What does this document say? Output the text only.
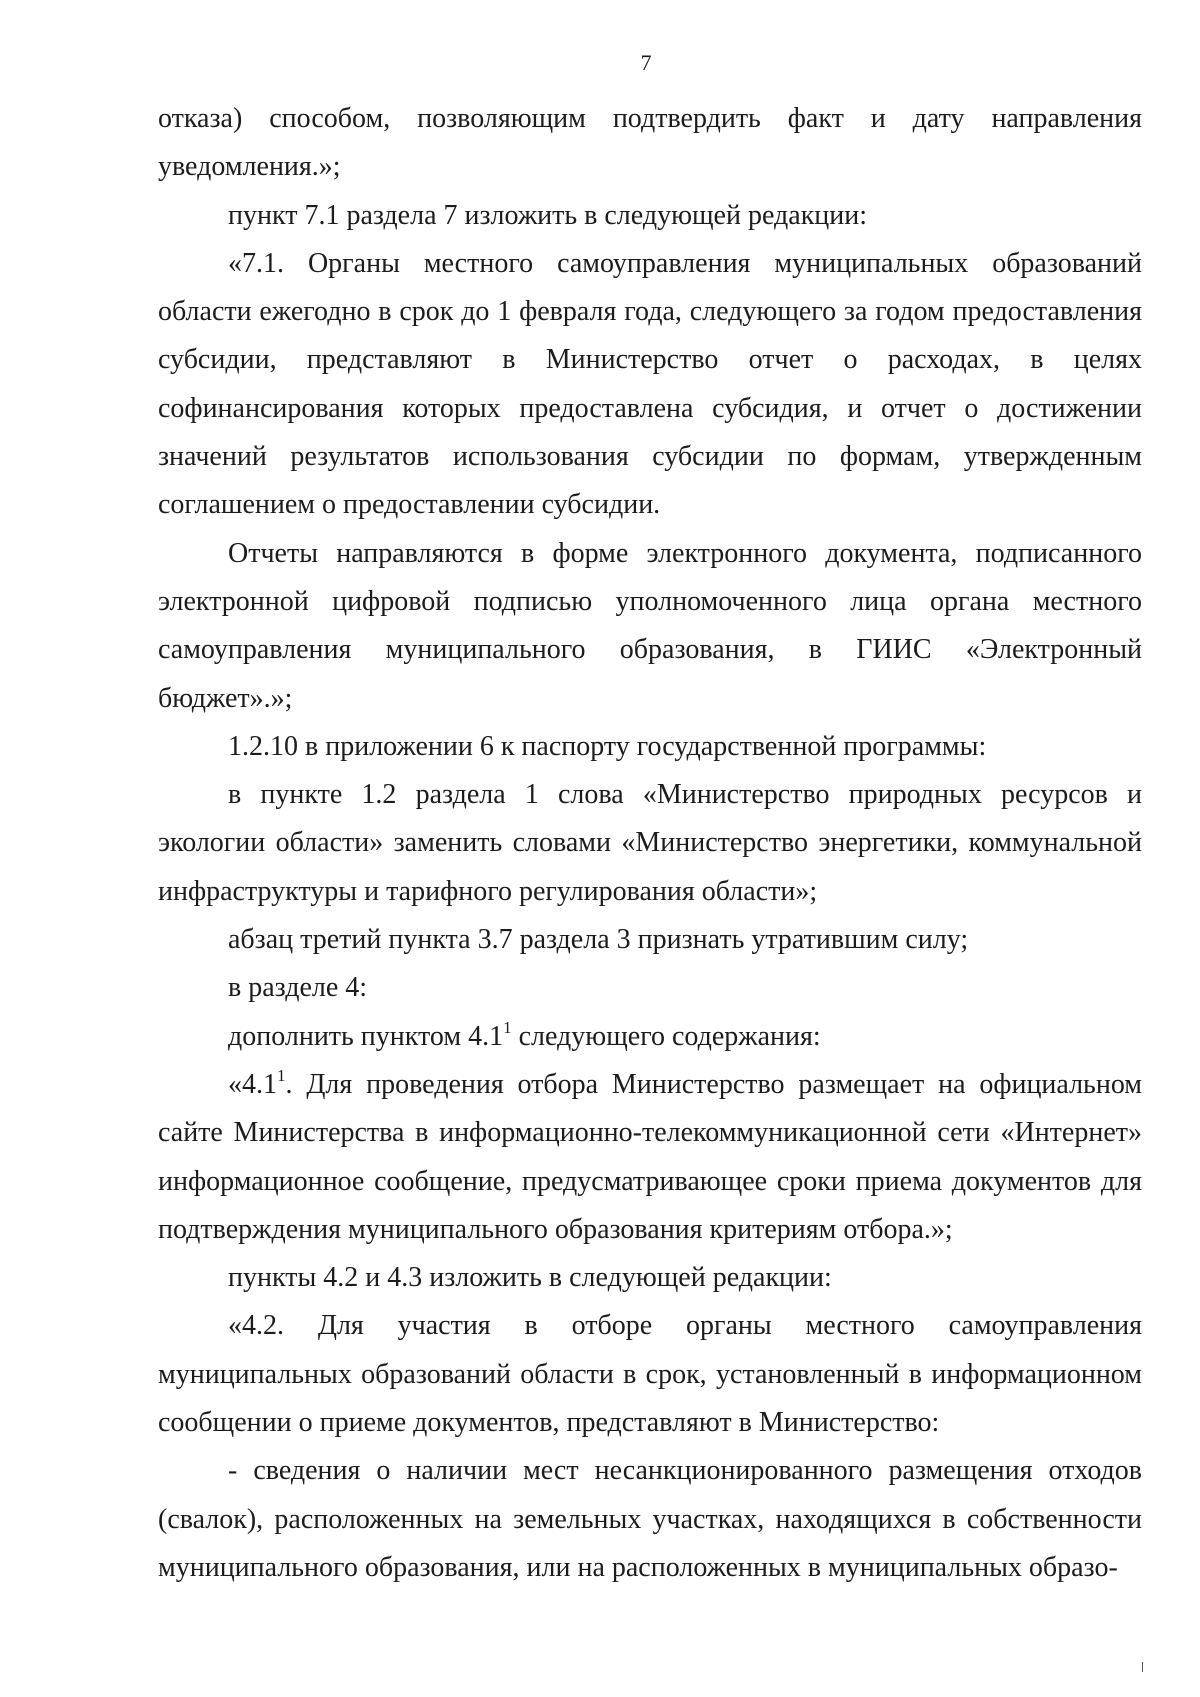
7

отказа) способом, позволяющим подтвердить факт и дату направления уведомления.»;

пункт 7.1 раздела 7 изложить в следующей редакции:

«7.1. Органы местного самоуправления муниципальных образований области ежегодно в срок до 1 февраля года, следующего за годом предоставления субсидии, представляют в Министерство отчет о расходах, в целях софинансирования которых предоставлена субсидия, и отчет о достижении значений результатов использования субсидии по формам, утвержденным соглашением о предоставлении субсидии.

Отчеты направляются в форме электронного документа, подписанного электронной цифровой подписью уполномоченного лица органа местного самоуправления муниципального образования, в ГИИС «Электронный бюджет».»;

1.2.10 в приложении 6 к паспорту государственной программы:

в пункте 1.2 раздела 1 слова «Министерство природных ресурсов и экологии области» заменить словами «Министерство энергетики, коммунальной инфраструктуры и тарифного регулирования области»;

абзац третий пункта 3.7 раздела 3 признать утратившим силу;

в разделе 4:

дополнить пунктом $4.1^1$ следующего содержания:

«$4.1^1$. Для проведения отбора Министерство размещает на официальном сайте Министерства в информационно-телекоммуникационной сети «Интернет» информационное сообщение, предусматривающее сроки приема документов для подтверждения муниципального образования критериям отбора.»;

пункты 4.2 и 4.3 изложить в следующей редакции:

«4.2. Для участия в отборе органы местного самоуправления муниципальных образований области в срок, установленный в информационном сообщении о приеме документов, представляют в Министерство:

- сведения о наличии мест несанкционированного размещения отходов (свалок), расположенных на земельных участках, находящихся в собственности муниципального образования, или на расположенных в муниципальных образо-
